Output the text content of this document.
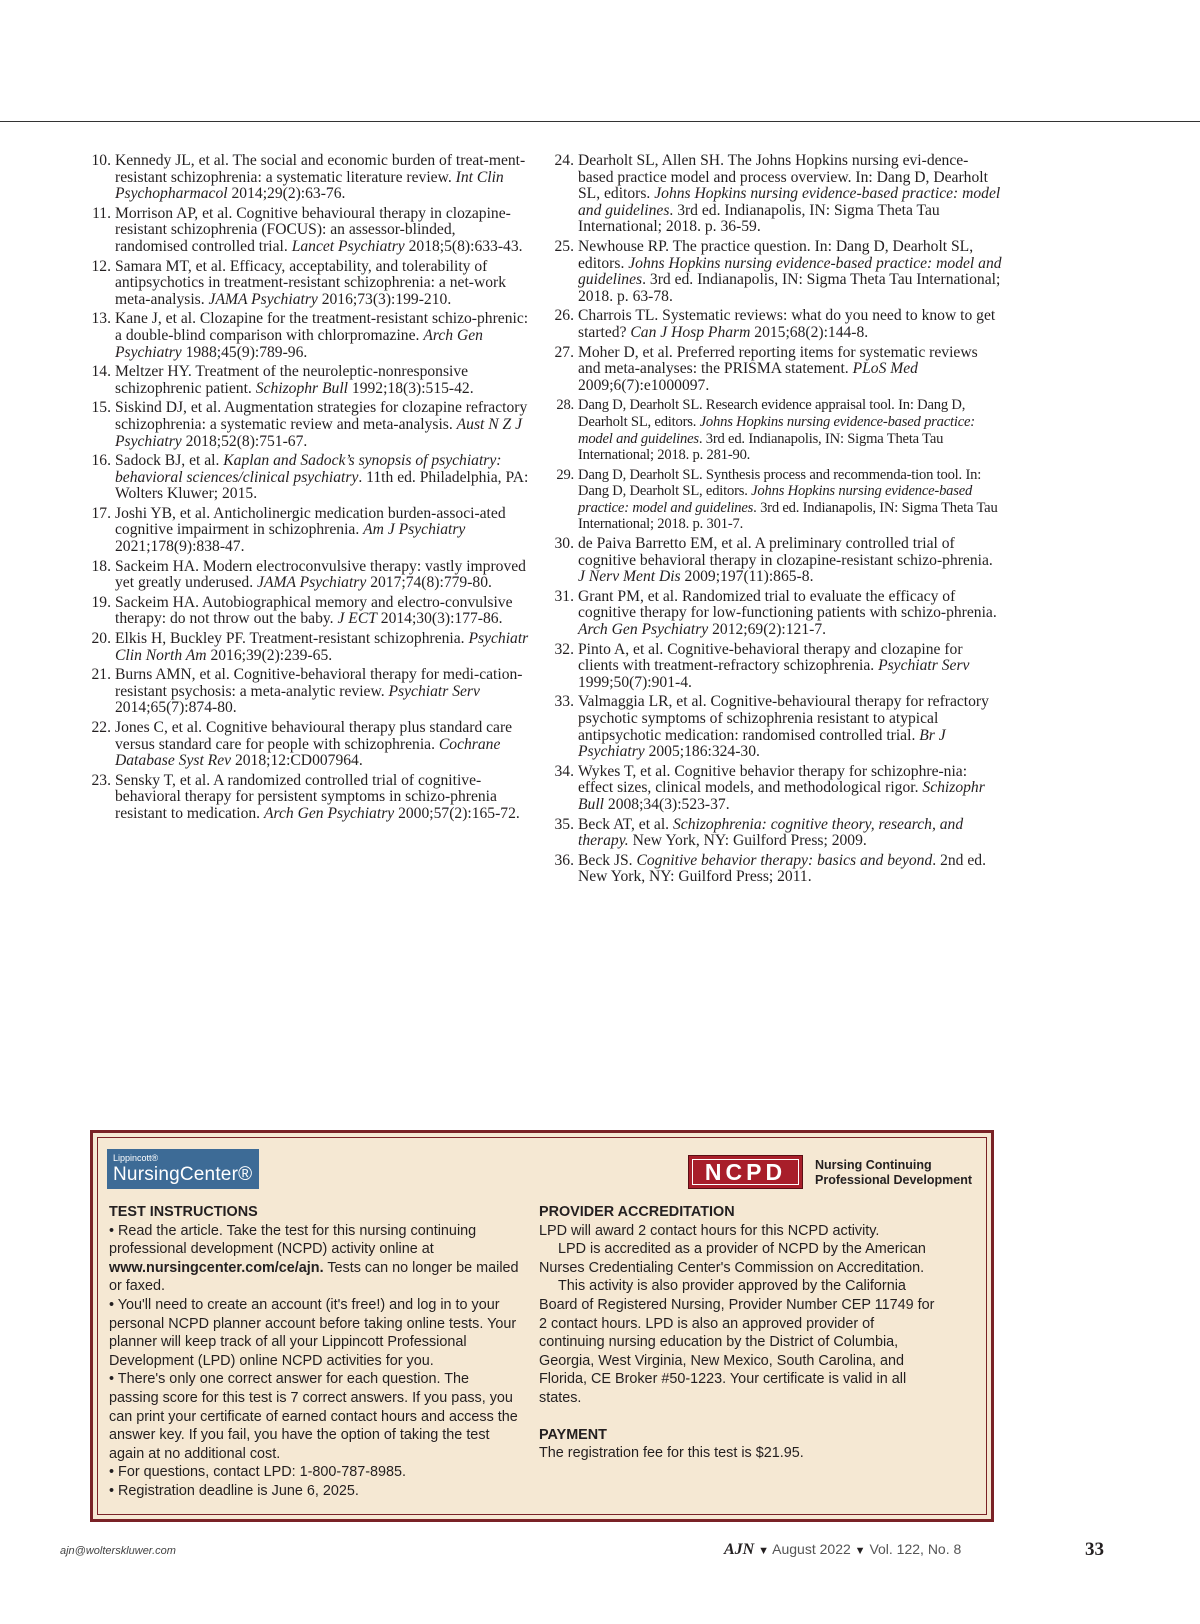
10. Kennedy JL, et al. The social and economic burden of treat-ment-resistant schizophrenia: a systematic literature review. Int Clin Psychopharmacol 2014;29(2):63-76.
11. Morrison AP, et al. Cognitive behavioural therapy in clozapine-resistant schizophrenia (FOCUS): an assessor-blinded, randomised controlled trial. Lancet Psychiatry 2018;5(8):633-43.
12. Samara MT, et al. Efficacy, acceptability, and tolerability of antipsychotics in treatment-resistant schizophrenia: a net-work meta-analysis. JAMA Psychiatry 2016;73(3):199-210.
13. Kane J, et al. Clozapine for the treatment-resistant schizo-phrenic: a double-blind comparison with chlorpromazine. Arch Gen Psychiatry 1988;45(9):789-96.
14. Meltzer HY. Treatment of the neuroleptic-nonresponsive schizophrenic patient. Schizophr Bull 1992;18(3):515-42.
15. Siskind DJ, et al. Augmentation strategies for clozapine refractory schizophrenia: a systematic review and meta-analysis. Aust N Z J Psychiatry 2018;52(8):751-67.
16. Sadock BJ, et al. Kaplan and Sadock’s synopsis of psychiatry: behavioral sciences/clinical psychiatry. 11th ed. Philadelphia, PA: Wolters Kluwer; 2015.
17. Joshi YB, et al. Anticholinergic medication burden-associ-ated cognitive impairment in schizophrenia. Am J Psychiatry 2021;178(9):838-47.
18. Sackeim HA. Modern electroconvulsive therapy: vastly improved yet greatly underused. JAMA Psychiatry 2017;74(8):779-80.
19. Sackeim HA. Autobiographical memory and electro-convulsive therapy: do not throw out the baby. J ECT 2014;30(3):177-86.
20. Elkis H, Buckley PF. Treatment-resistant schizophrenia. Psychiatr Clin North Am 2016;39(2):239-65.
21. Burns AMN, et al. Cognitive-behavioral therapy for medi-cation-resistant psychosis: a meta-analytic review. Psychiatr Serv 2014;65(7):874-80.
22. Jones C, et al. Cognitive behavioural therapy plus standard care versus standard care for people with schizophrenia. Cochrane Database Syst Rev 2018;12:CD007964.
23. Sensky T, et al. A randomized controlled trial of cognitive-behavioral therapy for persistent symptoms in schizo-phrenia resistant to medication. Arch Gen Psychiatry 2000;57(2):165-72.
24. Dearholt SL, Allen SH. The Johns Hopkins nursing evi-dence-based practice model and process overview. In: Dang D, Dearholt SL, editors. Johns Hopkins nursing evidence-based practice: model and guidelines. 3rd ed. Indianapolis, IN: Sigma Theta Tau International; 2018. p. 36-59.
25. Newhouse RP. The practice question. In: Dang D, Dearholt SL, editors. Johns Hopkins nursing evidence-based practice: model and guidelines. 3rd ed. Indianapolis, IN: Sigma Theta Tau International; 2018. p. 63-78.
26. Charrois TL. Systematic reviews: what do you need to know to get started? Can J Hosp Pharm 2015;68(2):144-8.
27. Moher D, et al. Preferred reporting items for systematic reviews and meta-analyses: the PRISMA statement. PLoS Med 2009;6(7):e1000097.
28. Dang D, Dearholt SL. Research evidence appraisal tool. In: Dang D, Dearholt SL, editors. Johns Hopkins nursing evidence-based practice: model and guidelines. 3rd ed. Indianapolis, IN: Sigma Theta Tau International; 2018. p. 281-90.
29. Dang D, Dearholt SL. Synthesis process and recommenda-tion tool. In: Dang D, Dearholt SL, editors. Johns Hopkins nursing evidence-based practice: model and guidelines. 3rd ed. Indianapolis, IN: Sigma Theta Tau International; 2018. p. 301-7.
30. de Paiva Barretto EM, et al. A preliminary controlled trial of cognitive behavioral therapy in clozapine-resistant schizo-phrenia. J Nerv Ment Dis 2009;197(11):865-8.
31. Grant PM, et al. Randomized trial to evaluate the efficacy of cognitive therapy for low-functioning patients with schizo-phrenia. Arch Gen Psychiatry 2012;69(2):121-7.
32. Pinto A, et al. Cognitive-behavioral therapy and clozapine for clients with treatment-refractory schizophrenia. Psychiatr Serv 1999;50(7):901-4.
33. Valmaggia LR, et al. Cognitive-behavioural therapy for refractory psychotic symptoms of schizophrenia resistant to atypical antipsychotic medication: randomised controlled trial. Br J Psychiatry 2005;186:324-30.
34. Wykes T, et al. Cognitive behavior therapy for schizophre-nia: effect sizes, clinical models, and methodological rigor. Schizophr Bull 2008;34(3):523-37.
35. Beck AT, et al. Schizophrenia: cognitive theory, research, and therapy. New York, NY: Guilford Press; 2009.
36. Beck JS. Cognitive behavior therapy: basics and beyond. 2nd ed. New York, NY: Guilford Press; 2011.
Lippincott®
NursingCenter®	NCPD	Nursing Continuing
Professional Development
TEST INSTRUCTIONS

• Read the article. Take the test for this nursing continuing professional development (NCPD) activity online at www.nursingcenter.com/ce/ajn. Tests can no longer be mailed or faxed.

• You'll need to create an account (it's free!) and log in to your personal NCPD planner account before taking online tests. Your planner will keep track of all your Lippincott Professional Development (LPD) online NCPD activities for you.

• There's only one correct answer for each question. The passing score for this test is 7 correct answers. If you pass, you can print your certificate of earned contact hours and access the answer key. If you fail, you have the option of taking the test again at no additional cost.

• For questions, contact LPD: 1-800-787-8985.

• Registration deadline is June 6, 2025.

PROVIDER ACCREDITATION

LPD will award 2 contact hours for this NCPD activity.

LPD is accredited as a provider of NCPD by the American Nurses Credentialing Center's Commission on Accreditation.

This activity is also provider approved by the California Board of Registered Nursing, Provider Number CEP 11749 for 2 contact hours. LPD is also an approved provider of continuing nursing education by the District of Columbia, Georgia, West Virginia, New Mexico, South Carolina, and Florida, CE Broker #50-1223. Your certificate is valid in all states.

PAYMENT

The registration fee for this test is $21.95.

ajn@wolterskluwer.com	AJN ▼ August 2022 ▼ Vol. 122, No. 8	33
